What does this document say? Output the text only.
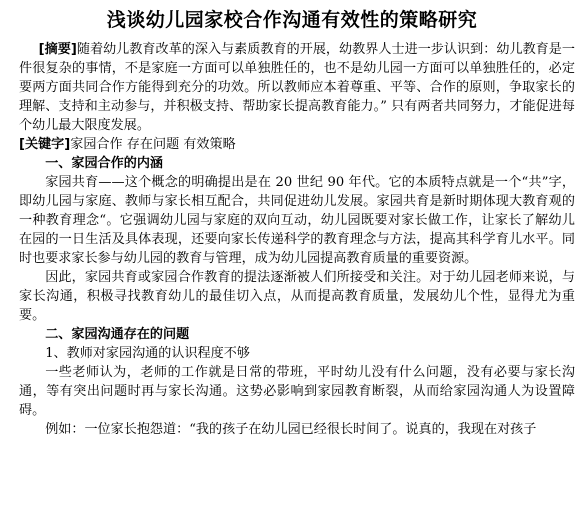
浅谈幼儿园家校合作沟通有效性的策略研究

[摘要]随着幼儿教育改革的深入与素质教育的开展，幼教界人士进一步认识到：幼儿教育是一件很复杂的事情，不是家庭一方面可以单独胜任的，也不是幼儿园一方面可以单独胜任的，必定要两方面共同合作方能得到充分的功效。所以教师应本着尊重、平等、合作的原则，争取家长的理解、支持和主动参与，并积极支持、帮助家长提高教育能力。” 只有两者共同努力，才能促进每个幼儿最大限度发展。

[关键字]家园合作 存在问题 有效策略

一、家园合作的内涵

家园共育——这个概念的明确提出是在 20 世纪 90 年代。它的本质特点就是一个“共”字，即幼儿园与家庭、教师与家长相互配合，共同促进幼儿发展。家园共育是新时期体现大教育观的一种教育理念“。它强调幼儿园与家庭的双向互动，幼儿园既要对家长做工作，让家长了解幼儿在园的一日生活及具体表现，还要向家长传递科学的教育理念与方法，提高其科学育儿水平。同时也要求家长参与幼儿园的教育与管理，成为幼儿园提高教育质量的重要资源。

因此，家园共育或家园合作教育的提法逐渐被人们所接受和关注。对于幼儿园老师来说，与家长沟通，积极寻找教育幼儿的最佳切入点，从而提高教育质量，发展幼儿个性，显得尤为重要。

二、家园沟通存在的问题

1、教师对家园沟通的认识程度不够

一些老师认为，老师的工作就是日常的带班，平时幼儿没有什么问题，没有必要与家长沟通，等有突出问题时再与家长沟通。这势必影响到家园教育断裂，从而给家园沟通人为设置障碍。

例如：一位家长抱怨道：“我的孩子在幼儿园已经很长时间了。说真的，我现在对孩子
